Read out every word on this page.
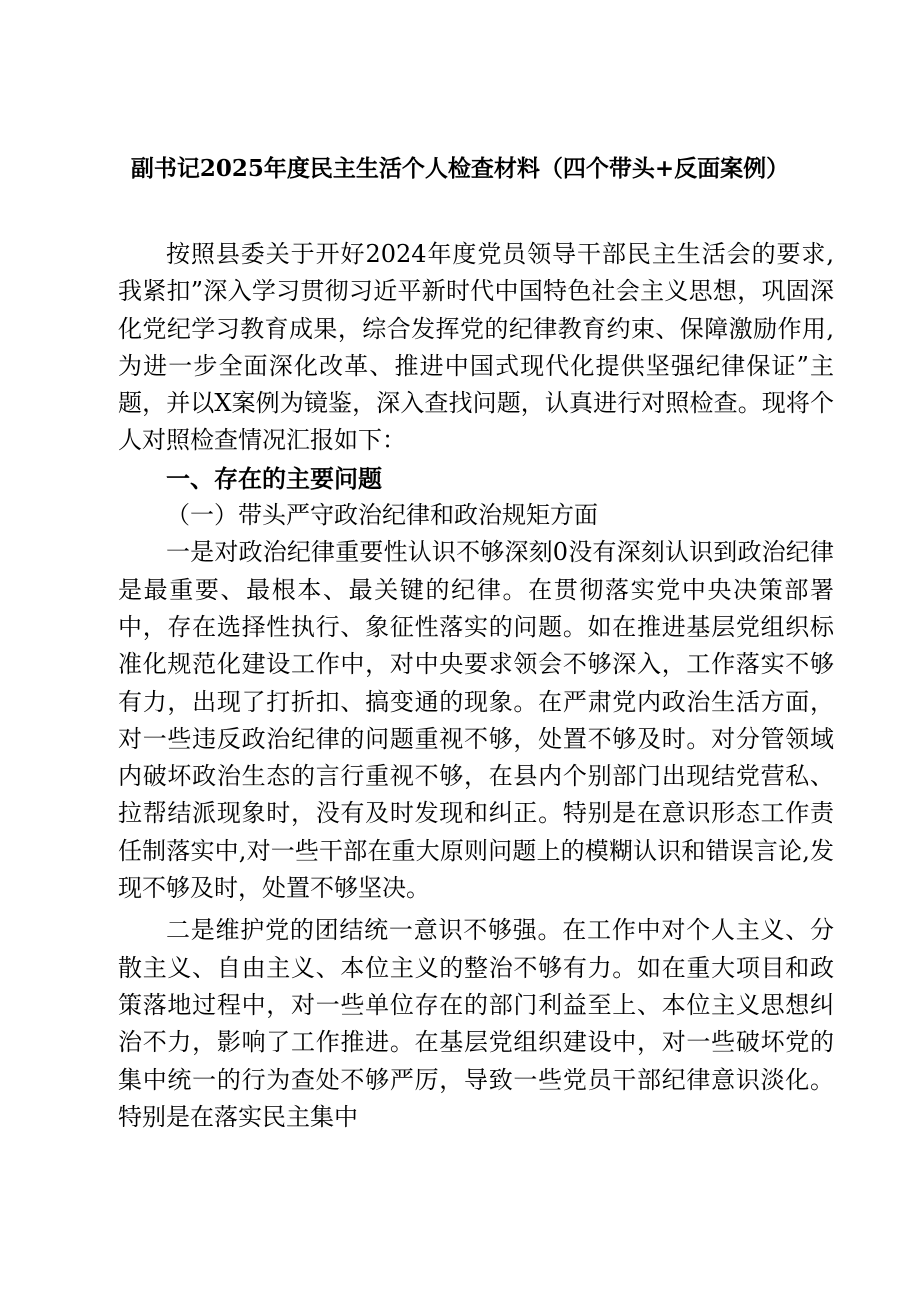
副书记2025年度民主生活个人检查材料（四个带头+反面案例）

按照县委关于开好2024年度党员领导干部民主生活会的要求,我紧扣”深入学习贯彻习近平新时代中国特色社会主义思想，巩固深化党纪学习教育成果，综合发挥党的纪律教育约束、保障激励作用,为进一步全面深化改革、推进中国式现代化提供坚强纪律保证”主题，并以X案例为镜鉴，深入查找问题，认真进行对照检查。现将个人对照检查情况汇报如下：

一、存在的主要问题
（一）带头严守政治纪律和政治规矩方面

一是对政治纪律重要性认识不够深刻0没有深刻认识到政治纪律是最重要、最根本、最关键的纪律。在贯彻落实党中央决策部署中，存在选择性执行、象征性落实的问题。如在推进基层党组织标准化规范化建设工作中，对中央要求领会不够深入，工作落实不够有力，出现了打折扣、搞变通的现象。在严肃党内政治生活方面，对一些违反政治纪律的问题重视不够，处置不够及时。对分管领域内破坏政治生态的言行重视不够，在县内个别部门出现结党营私、拉帮结派现象时，没有及时发现和纠正。特别是在意识形态工作责任制落实中,对一些干部在重大原则问题上的模糊认识和错误言论,发现不够及时，处置不够坚决。

二是维护党的团结统一意识不够强。在工作中对个人主义、分散主义、自由主义、本位主义的整治不够有力。如在重大项目和政策落地过程中，对一些单位存在的部门利益至上、本位主义思想纠治不力，影响了工作推进。在基层党组织建设中，对一些破坏党的集中统一的行为查处不够严厉，导致一些党员干部纪律意识淡化。特别是在落实民主集中
